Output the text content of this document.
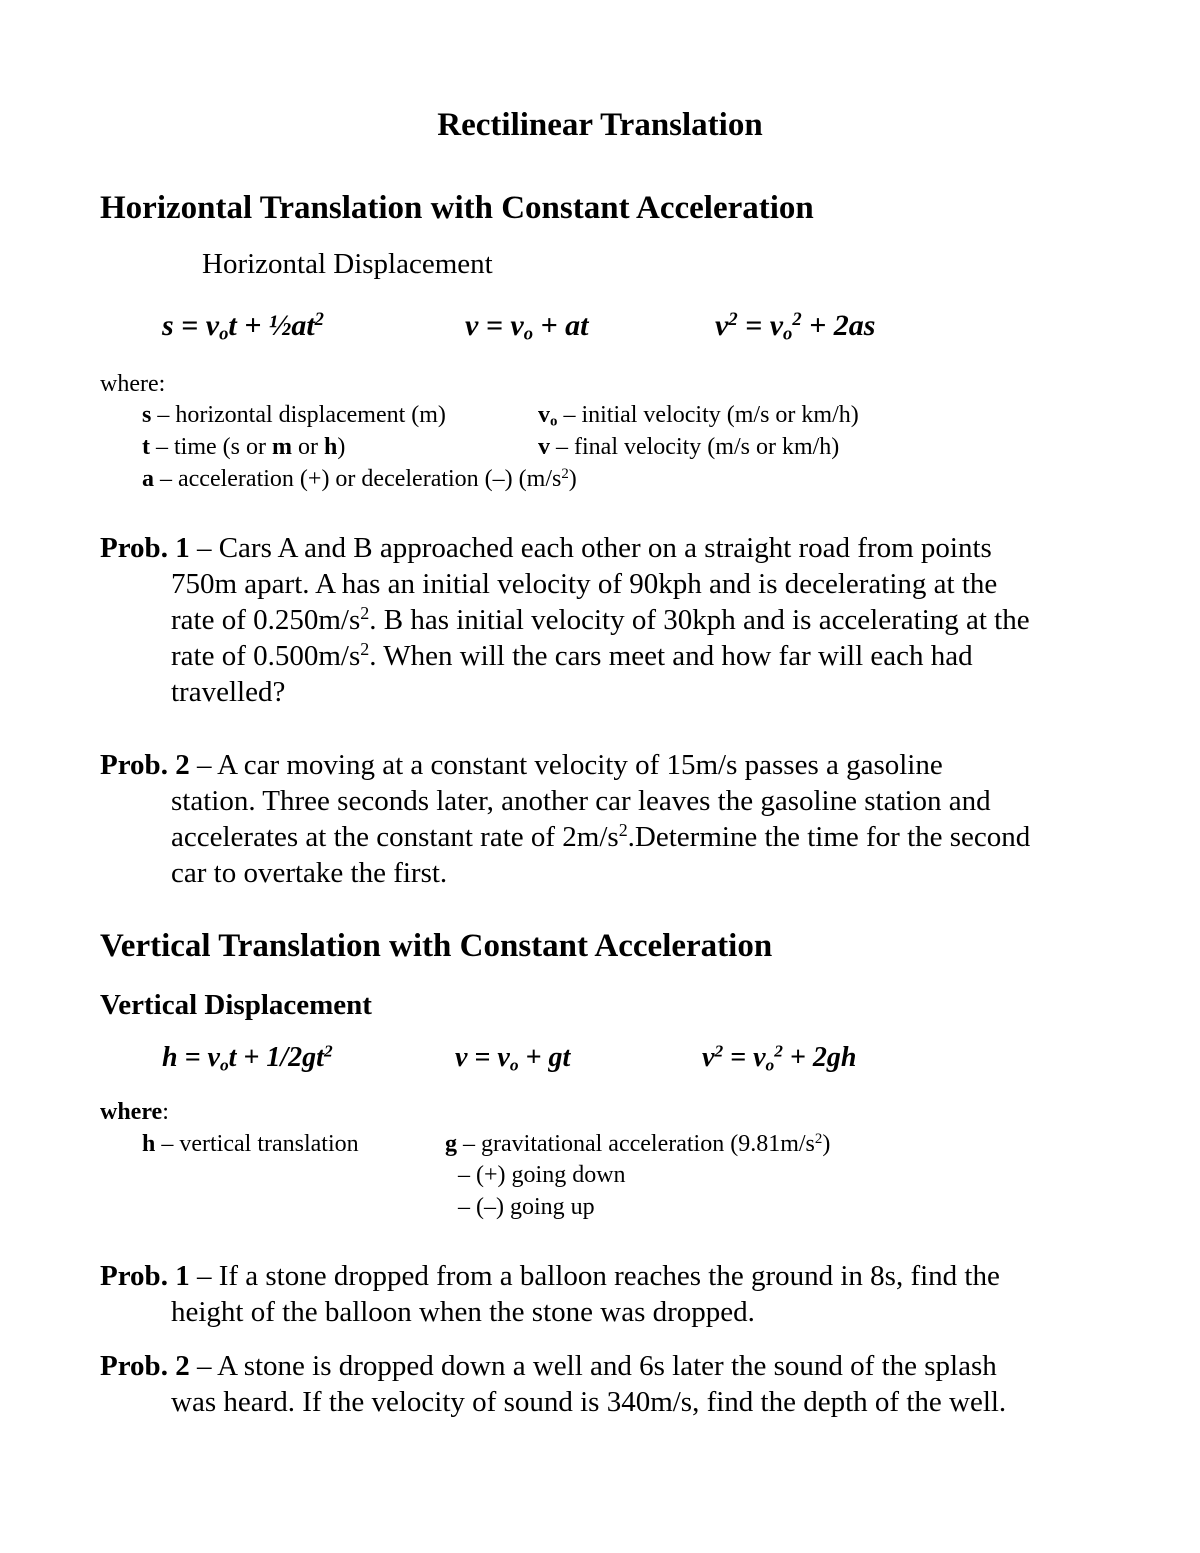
Rectilinear Translation
Horizontal Translation with Constant Acceleration
Horizontal Displacement
$s = v_ot$ + $\frac{1}{2}at^2$	$v = v_o$ + at	$v^2 = v_o^2 + 2as$
where:
s – horizontal displacement (m)	$v_o$ – initial velocity (m/s or km/h)
t – time (s or m or h)	v – final velocity (m/s or km/h)
a – acceleration (+) or deceleration (–) $(m/s^2)$
Prob. 1 – Cars A and B approached each other on a straight road from points
750m apart. A has an initial velocity of 90kph and is decelerating at the
rate of $0.250m/s^2$. B has initial velocity of 30kph and is accelerating at the
rate of $0.500m/s^2$. When will the cars meet and how far will each had
travelled?
Prob. 2 – A car moving at a constant velocity of 15m/s passes a gasoline
station. Three seconds later, another car leaves the gasoline station and
accelerates at the constant rate of $2m/s^2.Determine$ the time for the second
car to overtake the first.
Vertical Translation with Constant Acceleration
Vertical Displacement
$h = v_ot + 1/2gt^2$	$v = v_o$ + gt	$v^2 = v_o^2 + 2gh$
where:
h – vertical translation	g – gravitational acceleration $(9.81m/s^2)$
– (+) going down
– (–) going up
Prob. 1 – If a stone dropped from a balloon reaches the ground in 8s, find the
height of the balloon when the stone was dropped.
Prob. 2 – A stone is dropped down a well and 6s later the sound of the splash
was heard. If the velocity of sound is 340m/s, find the depth of the well.
